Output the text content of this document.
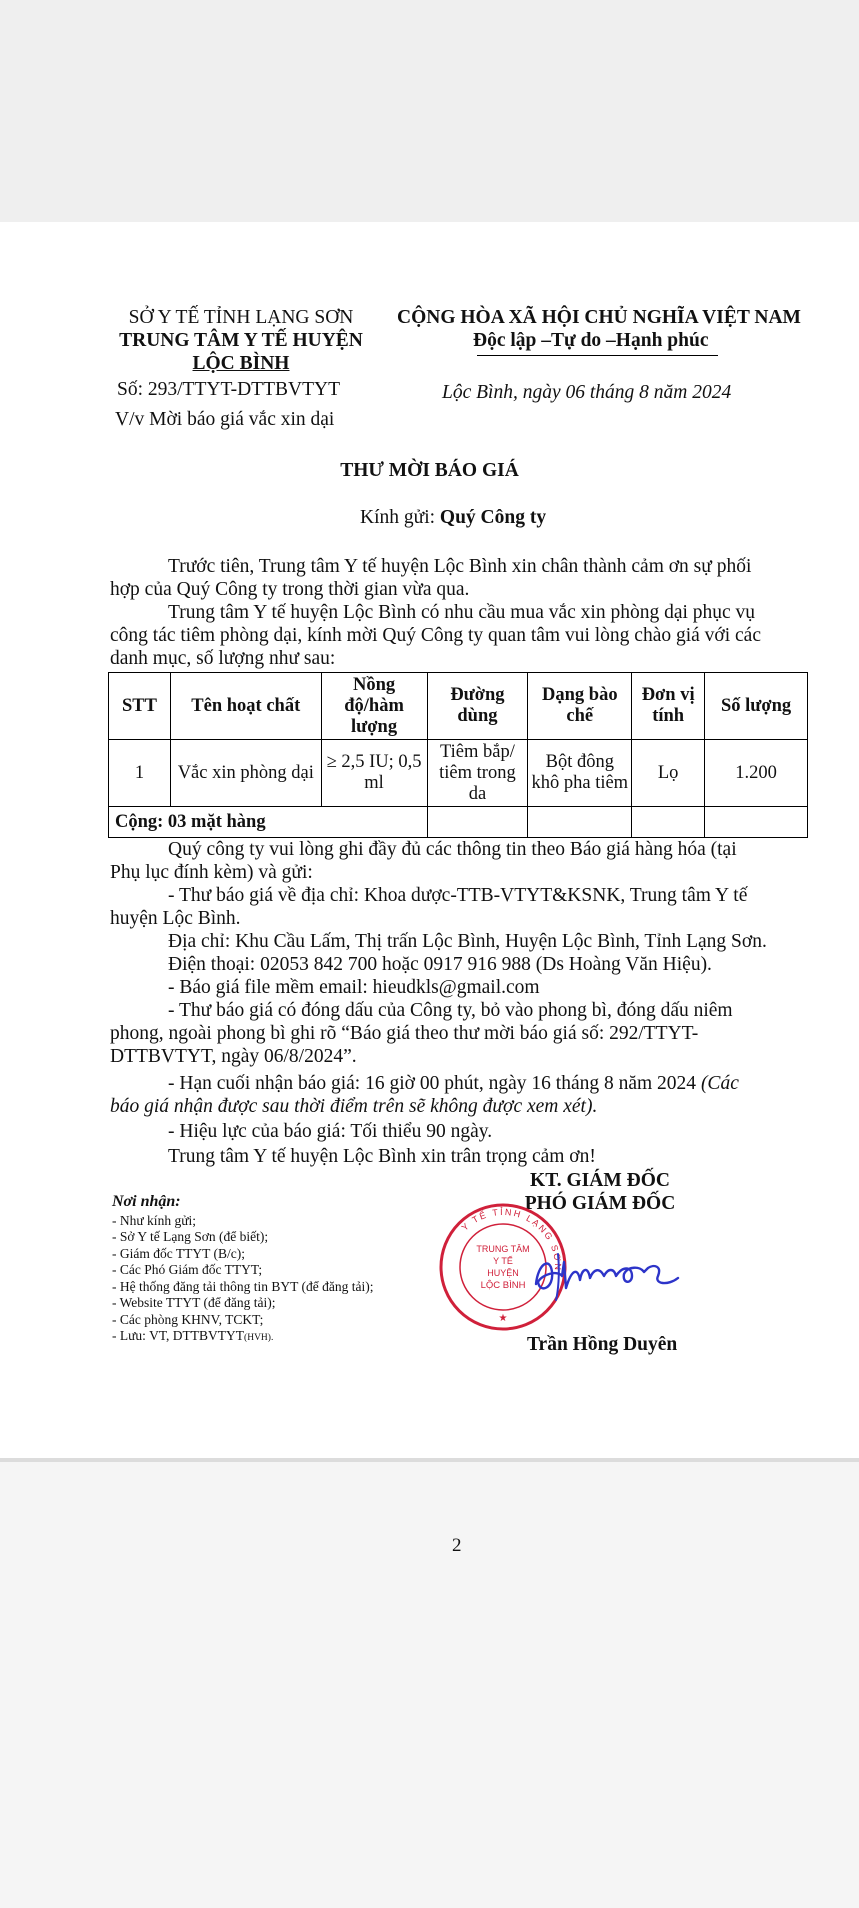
SỞ Y TẾ TỈNH LẠNG SƠN
TRUNG TÂM Y TẾ HUYỆN
LỘC BÌNH
Số: 293/TTYT-DTTBVTYT
V/v Mời báo giá vắc xin dại
CỘNG HÒA XÃ HỘI CHỦ NGHĨA VIỆT NAM
Độc lập –Tự do –Hạnh phúc
Lộc Bình, ngày 06 tháng 8 năm 2024
THƯ MỜI BÁO GIÁ
Kính gửi: Quý Công ty
Trước tiên, Trung tâm Y tế huyện Lộc Bình xin chân thành cảm ơn sự phối
hợp của Quý Công ty trong thời gian vừa qua.
Trung tâm Y tế huyện Lộc Bình có nhu cầu mua vắc xin phòng dại phục vụ
công tác tiêm phòng dại, kính mời Quý Công ty quan tâm vui lòng chào giá với các
danh mục, số lượng như sau:
STT	Tên hoạt chất	Nồng độ/hàm lượng	Đường dùng	Dạng bào chế	Đơn vị tính	Số lượng
1	Vắc xin phòng dại	≥ 2,5 IU; 0,5 ml	Tiêm bắp/ tiêm trong da	Bột đông khô pha tiêm	Lọ	1.200
Cộng: 03 mặt hàng						
Quý công ty vui lòng ghi đầy đủ các thông tin theo Báo giá hàng hóa (tại
Phụ lục đính kèm) và gửi:
- Thư báo giá về địa chỉ: Khoa dược-TTB-VTYT&KSNK, Trung tâm Y tế
huyện Lộc Bình.
Địa chỉ: Khu Cầu Lấm, Thị trấn Lộc Bình, Huyện Lộc Bình, Tỉnh Lạng Sơn.
Điện thoại: 02053 842 700 hoặc 0917 916 988 (Ds Hoàng Văn Hiệu).
- Báo giá file mềm email: hieudkls@gmail.com
- Thư báo giá có đóng dấu của Công ty, bỏ vào phong bì, đóng dấu niêm
phong, ngoài phong bì ghi rõ “Báo giá theo thư mời báo giá số: 292/TTYT-
DTTBVTYT, ngày 06/8/2024”.
- Hạn cuối nhận báo giá: 16 giờ 00 phút, ngày 16 tháng 8 năm 2024 (Các
báo giá nhận được sau thời điểm trên sẽ không được xem xét).
- Hiệu lực của báo giá: Tối thiểu 90 ngày.
Trung tâm Y tế huyện Lộc Bình xin trân trọng cảm ơn!
KT. GIÁM ĐỐC
PHÓ GIÁM ĐỐC
Trần Hồng Duyên
Nơi nhận:
- Như kính gửi;
- Sở Y tế Lạng Sơn (để biết);
- Giám đốc TTYT (B/c);
- Các Phó Giám đốc TTYT;
- Hệ thống đăng tải thông tin BYT (để đăng tải);
- Website TTYT (để đăng tải);
- Các phòng KHNV, TCKT;
- Lưu: VT, DTTBVTYT(HVH).
Y TẾ TỈNH LẠNG SƠN
TRUNG TÂM
Y TẾ
HUYỆN
LỘC BÌNH
★
2
